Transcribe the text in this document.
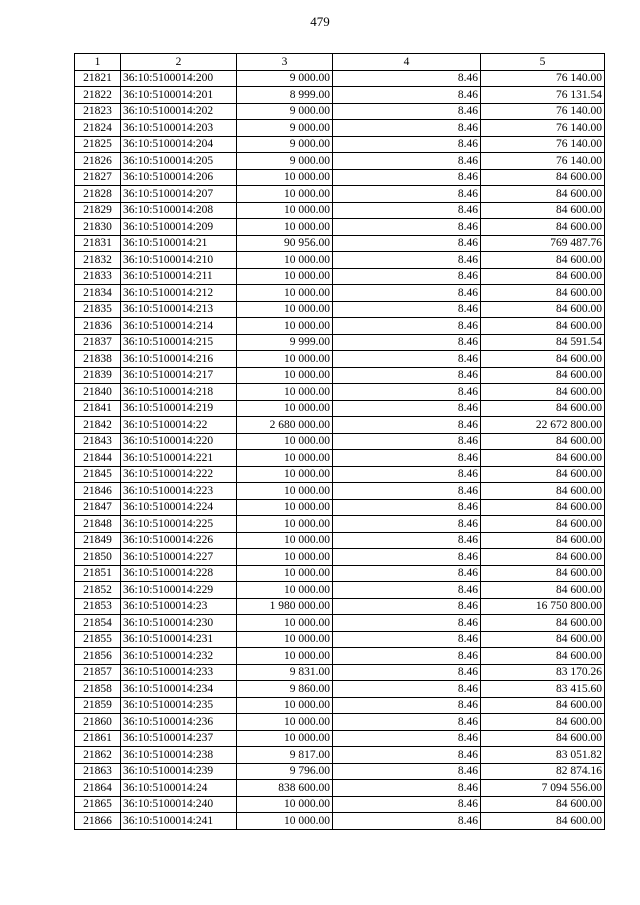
479
1	2	3	4	5
21821	36:10:5100014:200	9 000.00	8.46	76 140.00
21822	36:10:5100014:201	8 999.00	8.46	76 131.54
21823	36:10:5100014:202	9 000.00	8.46	76 140.00
21824	36:10:5100014:203	9 000.00	8.46	76 140.00
21825	36:10:5100014:204	9 000.00	8.46	76 140.00
21826	36:10:5100014:205	9 000.00	8.46	76 140.00
21827	36:10:5100014:206	10 000.00	8.46	84 600.00
21828	36:10:5100014:207	10 000.00	8.46	84 600.00
21829	36:10:5100014:208	10 000.00	8.46	84 600.00
21830	36:10:5100014:209	10 000.00	8.46	84 600.00
21831	36:10:5100014:21	90 956.00	8.46	769 487.76
21832	36:10:5100014:210	10 000.00	8.46	84 600.00
21833	36:10:5100014:211	10 000.00	8.46	84 600.00
21834	36:10:5100014:212	10 000.00	8.46	84 600.00
21835	36:10:5100014:213	10 000.00	8.46	84 600.00
21836	36:10:5100014:214	10 000.00	8.46	84 600.00
21837	36:10:5100014:215	9 999.00	8.46	84 591.54
21838	36:10:5100014:216	10 000.00	8.46	84 600.00
21839	36:10:5100014:217	10 000.00	8.46	84 600.00
21840	36:10:5100014:218	10 000.00	8.46	84 600.00
21841	36:10:5100014:219	10 000.00	8.46	84 600.00
21842	36:10:5100014:22	2 680 000.00	8.46	22 672 800.00
21843	36:10:5100014:220	10 000.00	8.46	84 600.00
21844	36:10:5100014:221	10 000.00	8.46	84 600.00
21845	36:10:5100014:222	10 000.00	8.46	84 600.00
21846	36:10:5100014:223	10 000.00	8.46	84 600.00
21847	36:10:5100014:224	10 000.00	8.46	84 600.00
21848	36:10:5100014:225	10 000.00	8.46	84 600.00
21849	36:10:5100014:226	10 000.00	8.46	84 600.00
21850	36:10:5100014:227	10 000.00	8.46	84 600.00
21851	36:10:5100014:228	10 000.00	8.46	84 600.00
21852	36:10:5100014:229	10 000.00	8.46	84 600.00
21853	36:10:5100014:23	1 980 000.00	8.46	16 750 800.00
21854	36:10:5100014:230	10 000.00	8.46	84 600.00
21855	36:10:5100014:231	10 000.00	8.46	84 600.00
21856	36:10:5100014:232	10 000.00	8.46	84 600.00
21857	36:10:5100014:233	9 831.00	8.46	83 170.26
21858	36:10:5100014:234	9 860.00	8.46	83 415.60
21859	36:10:5100014:235	10 000.00	8.46	84 600.00
21860	36:10:5100014:236	10 000.00	8.46	84 600.00
21861	36:10:5100014:237	10 000.00	8.46	84 600.00
21862	36:10:5100014:238	9 817.00	8.46	83 051.82
21863	36:10:5100014:239	9 796.00	8.46	82 874.16
21864	36:10:5100014:24	838 600.00	8.46	7 094 556.00
21865	36:10:5100014:240	10 000.00	8.46	84 600.00
21866	36:10:5100014:241	10 000.00	8.46	84 600.00
